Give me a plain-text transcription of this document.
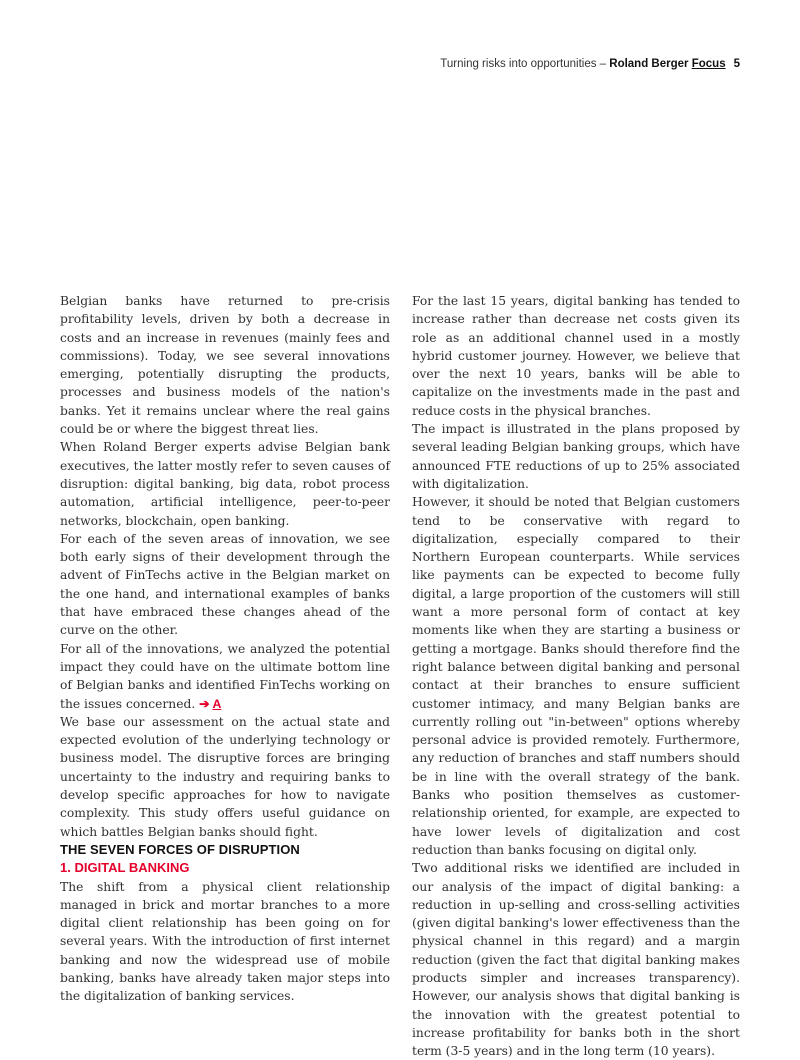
Turning risks into opportunities – Roland Berger Focus 5

Belgian banks have returned to pre-crisis profitability levels, driven by both a decrease in costs and an increase in revenues (mainly fees and commissions). Today, we see several innovations emerging, potentially disrupting the products, processes and business models of the nation's banks. Yet it remains unclear where the real gains could be or where the biggest threat lies.

When Roland Berger experts advise Belgian bank executives, the latter mostly refer to seven causes of disruption: digital banking, big data, robot process automation, artificial intelligence, peer-to-peer networks, blockchain, open banking.

For each of the seven areas of innovation, we see both early signs of their development through the advent of FinTechs active in the Belgian market on the one hand, and international examples of banks that have embraced these changes ahead of the curve on the other.

For all of the innovations, we analyzed the potential impact they could have on the ultimate bottom line of Belgian banks and identified FinTechs working on the issues concerned. ➔ A

We base our assessment on the actual state and expected evolution of the underlying technology or business model. The disruptive forces are bringing uncertainty to the industry and requiring banks to develop specific approaches for how to navigate complexity. This study offers useful guidance on which battles Belgian banks should fight.

THE SEVEN FORCES OF DISRUPTION

1. DIGITAL BANKING

The shift from a physical client relationship managed in brick and mortar branches to a more digital client relationship has been going on for several years. With the introduction of first internet banking and now the widespread use of mobile banking, banks have already taken major steps into the digitalization of banking services.

For the last 15 years, digital banking has tended to increase rather than decrease net costs given its role as an additional channel used in a mostly hybrid customer journey. However, we believe that over the next 10 years, banks will be able to capitalize on the investments made in the past and reduce costs in the physical branches.

The impact is illustrated in the plans proposed by several leading Belgian banking groups, which have announced FTE reductions of up to 25% associated with digitalization.

However, it should be noted that Belgian customers tend to be conservative with regard to digitalization, especially compared to their Northern European counterparts. While services like payments can be expected to become fully digital, a large proportion of the customers will still want a more personal form of contact at key moments like when they are starting a business or getting a mortgage. Banks should therefore find the right balance between digital banking and personal contact at their branches to ensure sufficient customer intimacy, and many Belgian banks are currently rolling out "in-between" options whereby personal advice is provided remotely. Furthermore, any reduction of branches and staff numbers should be in line with the overall strategy of the bank. Banks who position themselves as customer-relationship oriented, for example, are expected to have lower levels of digitalization and cost reduction than banks focusing on digital only.

Two additional risks we identified are included in our analysis of the impact of digital banking: a reduction in up-selling and cross-selling activities (given digital banking's lower effectiveness than the physical channel in this regard) and a margin reduction (given the fact that digital banking makes products simpler and increases transparency). However, our analysis shows that digital banking is the innovation with the greatest potential to increase profitability for banks both in the short term (3-5 years) and in the long term (10 years).
